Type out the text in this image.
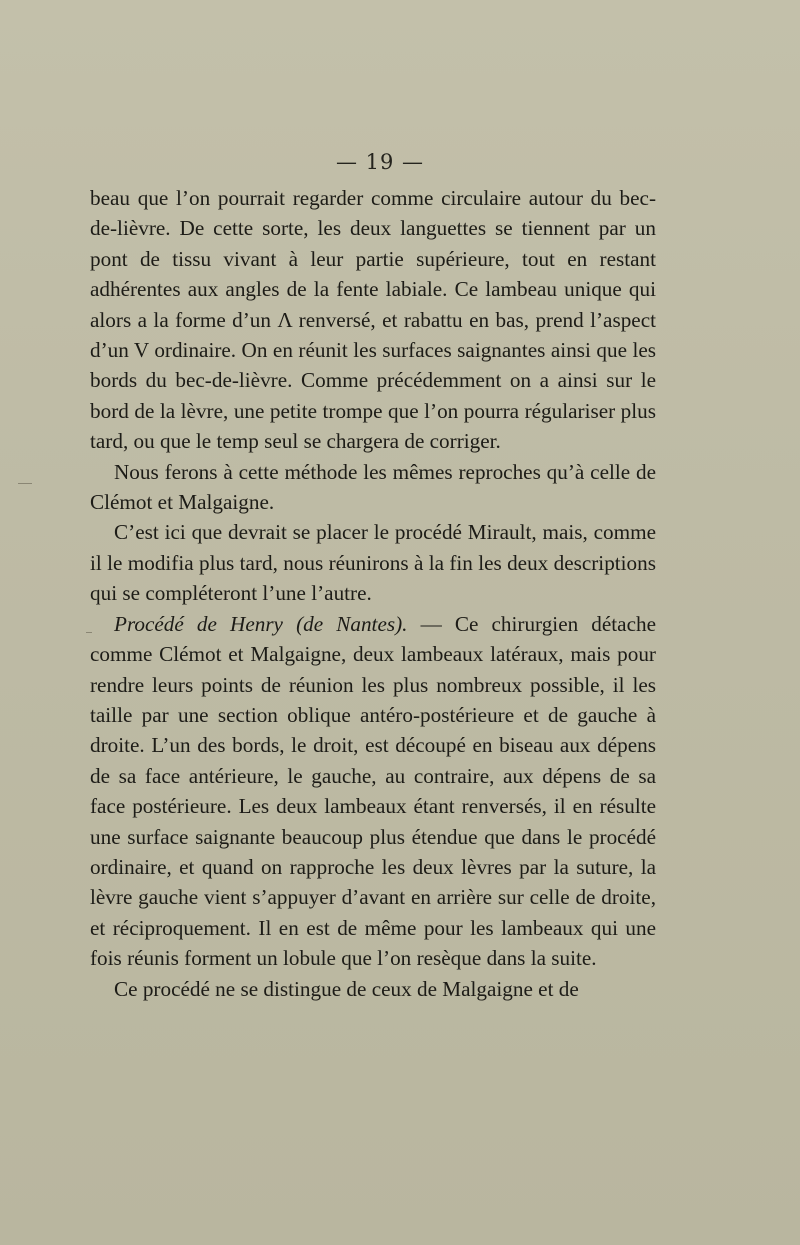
— 19 —

beau que l’on pourrait regarder comme circulaire autour du bec-de-lièvre. De cette sorte, les deux languettes se tiennent par un pont de tissu vivant à leur partie supérieure, tout en restant adhérentes aux angles de la fente labiale. Ce lambeau unique qui alors a la forme d’un Λ renversé, et rabattu en bas, prend l’aspect d’un V ordinaire. On en réunit les surfaces saignantes ainsi que les bords du bec-de-lièvre. Comme précédemment on a ainsi sur le bord de la lèvre, une petite trompe que l’on pourra régulariser plus tard, ou que le temp seul se chargera de corriger.

Nous ferons à cette méthode les mêmes reproches qu’à celle de Clémot et Malgaigne.

C’est ici que devrait se placer le procédé Mirault, mais, comme il le modifia plus tard, nous réunirons à la fin les deux descriptions qui se compléteront l’une l’autre.

Procédé de Henry (de Nantes). — Ce chirurgien détache comme Clémot et Malgaigne, deux lambeaux latéraux, mais pour rendre leurs points de réunion les plus nombreux possible, il les taille par une section oblique antéro-postérieure et de gauche à droite. L’un des bords, le droit, est découpé en biseau aux dépens de sa face antérieure, le gauche, au contraire, aux dépens de sa face postérieure. Les deux lambeaux étant renversés, il en résulte une surface saignante beaucoup plus étendue que dans le procédé ordinaire, et quand on rapproche les deux lèvres par la suture, la lèvre gauche vient s’appuyer d’avant en arrière sur celle de droite, et réciproquement. Il en est de même pour les lambeaux qui une fois réunis forment un lobule que l’on resèque dans la suite.

Ce procédé ne se distingue de ceux de Malgaigne et de
